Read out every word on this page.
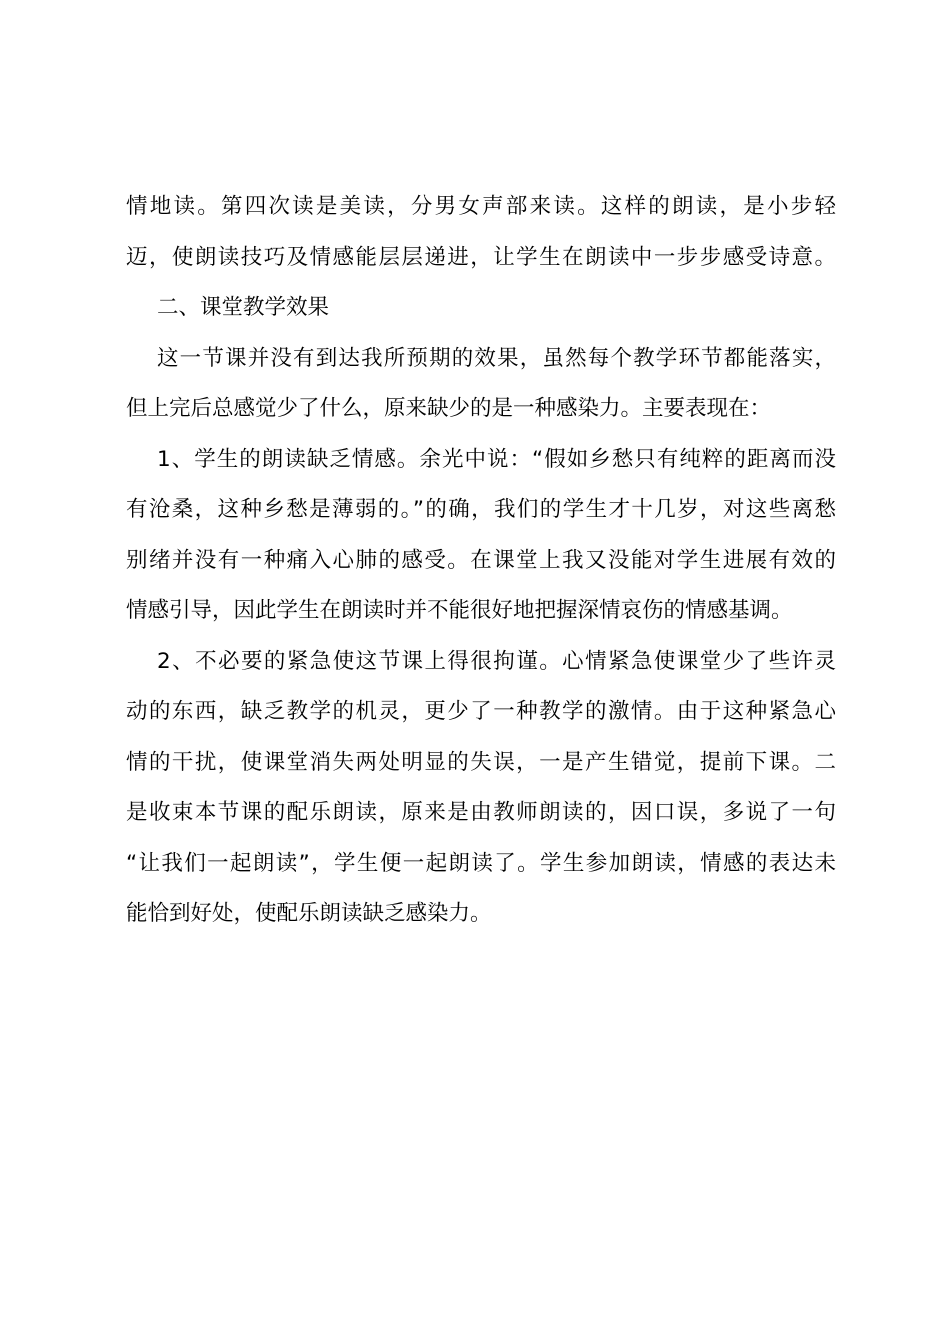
情地读。第四次读是美读，分男女声部来读。这样的朗读，是小步轻
迈，使朗读技巧及情感能层层递进，让学生在朗读中一步步感受诗意。
二、课堂教学效果
这一节课并没有到达我所预期的效果，虽然每个教学环节都能落实，
但上完后总感觉少了什么，原来缺少的是一种感染力。主要表现在：
1、学生的朗读缺乏情感。余光中说：“假如乡愁只有纯粹的距离而没
有沧桑，这种乡愁是薄弱的。”的确，我们的学生才十几岁，对这些离愁
别绪并没有一种痛入心肺的感受。在课堂上我又没能对学生进展有效的
情感引导，因此学生在朗读时并不能很好地把握深情哀伤的情感基调。
2、不必要的紧急使这节课上得很拘谨。心情紧急使课堂少了些许灵
动的东西，缺乏教学的机灵，更少了一种教学的激情。由于这种紧急心
情的干扰，使课堂消失两处明显的失误，一是产生错觉，提前下课。二
是收束本节课的配乐朗读，原来是由教师朗读的，因口误，多说了一句
“让我们一起朗读”，学生便一起朗读了。学生参加朗读，情感的表达未
能恰到好处，使配乐朗读缺乏感染力。
